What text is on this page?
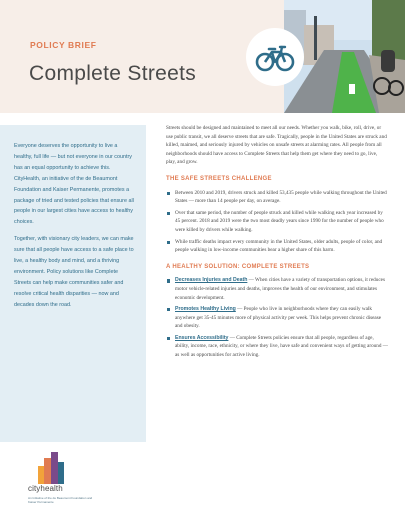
POLICY BRIEF
Complete Streets

Everyone deserves the opportunity to live a healthy, full life — but not everyone in our country has an equal opportunity to achieve this. CityHealth, an initiative of the de Beaumont Foundation and Kaiser Permanente, promotes a package of tried and tested policies that ensure all people in our largest cities have access to healthy choices.

Together, with visionary city leaders, we can make sure that all people have access to a safe place to live, a healthy body and mind, and a thriving environment. Policy solutions like Complete Streets can help make communities safer and resolve critical health disparities — now and decades down the road.

cityhealth
An Initiative of the de Beaumont Foundation and Kaiser Permanente

Streets should be designed and maintained to meet all our needs. Whether you walk, bike, roll, drive, or use public transit, we all deserve streets that are safe. Tragically, people in the United States are struck and killed, maimed, and seriously injured by vehicles on unsafe streets at alarming rates. All people from all neighborhoods should have access to Complete Streets that help them get where they need to go, live, play, and grow.

THE SAFE STREETS CHALLENGE
Between 2010 and 2019, drivers struck and killed 53,435 people while walking throughout the United States — more than 14 people per day, on average.
Over that same period, the number of people struck and killed while walking each year increased by 45 percent. 2018 and 2019 were the two most deadly years since 1990 for the number of people who were killed by drivers while walking.
While traffic deaths impact every community in the United States, older adults, people of color, and people walking in low-income communities bear a higher share of this harm.
A HEALTHY SOLUTION: COMPLETE STREETS
Decreases Injuries and Death — When cities have a variety of transportation options, it reduces motor vehicle-related injuries and deaths, improves the health of our environment, and stimulates economic development.
Promotes Healthy Living — People who live in neighborhoods where they can easily walk anywhere get 35-45 minutes more of physical activity per week. This helps prevent chronic disease and obesity.
Ensures Accessibility — Complete Streets policies ensure that all people, regardless of age, ability, income, race, ethnicity, or where they live, have safe and convenient ways of getting around — as well as opportunities for active living.
